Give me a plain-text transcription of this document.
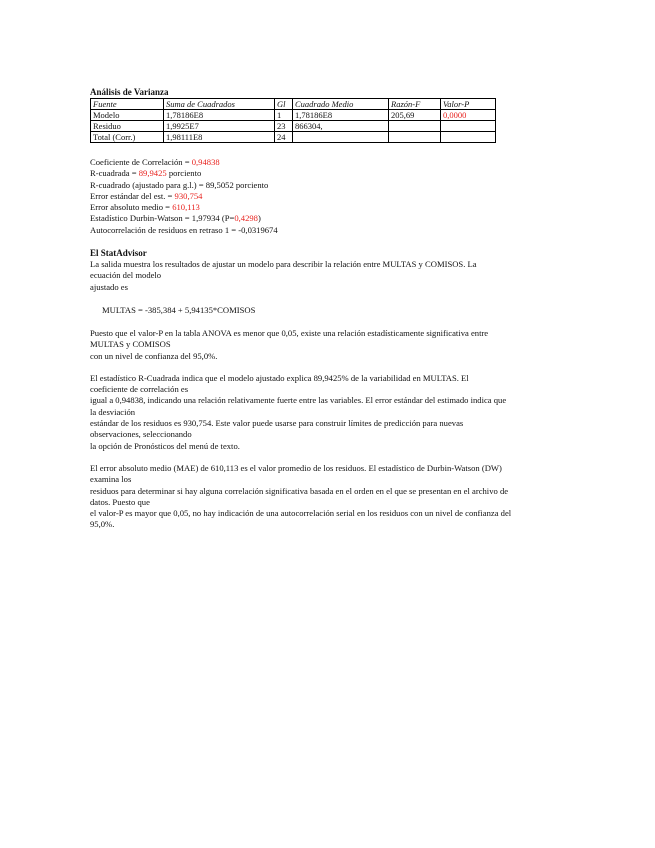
Análisis de Varianza

Fuente	Suma de Cuadrados	Gl	Cuadrado Medio	Razón-F	Valor-P
Modelo	1,78186E8	1	1,78186E8	205,69	0,0000
Residuo	1,9925E7	23	866304,		
Total (Corr.)	1,98111E8	24			
Coeficiente de Correlación = 0,94838
R-cuadrada = 89,9425 porciento
R-cuadrado (ajustado para g.l.) = 89,5052 porciento
Error estándar del est. = 930,754
Error absoluto medio = 610,113
Estadístico Durbin-Watson = 1,97934 (P=0,4298)
Autocorrelación de residuos en retraso 1 = -0,0319674

El StatAdvisor

La salida muestra los resultados de ajustar un modelo para describir la relación entre MULTAS y COMISOS. La
ecuación del modelo
ajustado es
MULTAS = -385,384 + 5,94135*COMISOS
Puesto que el valor-P en la tabla ANOVA es menor que 0,05, existe una relación estadísticamente significativa entre
MULTAS y COMISOS
con un nivel de confianza del 95,0%.
El estadístico R-Cuadrada indica que el modelo ajustado explica 89,9425% de la variabilidad en MULTAS. El
coeficiente de correlación es
igual a 0,94838, indicando una relación relativamente fuerte entre las variables. El error estándar del estimado indica que
la desviación
estándar de los residuos es 930,754. Este valor puede usarse para construir límites de predicción para nuevas
observaciones, seleccionando
la opción de Pronósticos del menú de texto.
El error absoluto medio (MAE) de 610,113 es el valor promedio de los residuos. El estadístico de Durbin-Watson (DW)
examina los
residuos para determinar si hay alguna correlación significativa basada en el orden en el que se presentan en el archivo de
datos. Puesto que
el valor-P es mayor que 0,05, no hay indicación de una autocorrelación serial en los residuos con un nivel de confianza del
95,0%.
